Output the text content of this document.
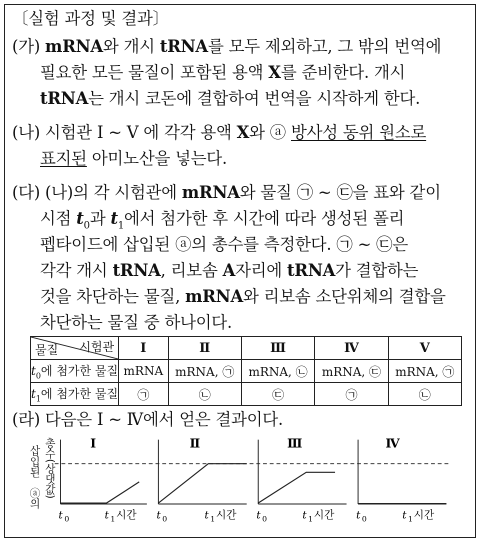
〔실험 과정 및 결과〕
(가) mRNA와 개시 tRNA를 모두 제외하고, 그 밖의 번역에
필요한 모든 물질이 포함된 용액 X를 준비한다. 개시
tRNA는 개시 코돈에 결합하여 번역을 시작하게 한다.
(나) 시험관 Ⅰ ~ Ⅴ 에 각각 용액 X와 ⓐ 방사성 동위 원소로
표지된 아미노산을 넣는다.
(다) (나)의 각 시험관에 mRNA와 물질 ㉠ ~ ㉢을 표와 같이
시점 $t_0$과 $t_1$에서 첨가한 후 시간에 따라 생성된 폴리
펩타이드에 삽입된 ⓐ의 총수를 측정한다. ㉠ ~ ㉢은
각각 개시 tRNA, 리보솜 A자리에 tRNA가 결합하는
것을 차단하는 물질, mRNA와 리보솜 소단위체의 결합을
차단하는 물질 중 하나이다.
시험관
물질	Ⅰ	Ⅱ	Ⅲ	Ⅳ	Ⅴ
$t_0$에 첨가한 물질	mRNA	mRNA, ㉠	mRNA, ㉡	mRNA, ㉢	mRNA, ㉠
$t_1$에 첨가한 물질	㉠	㉡	㉢	㉠	㉡
(라) 다음은 Ⅰ ~ Ⅳ에서 얻은 결과이다.
삽입된
ⓐ의 총수(상댓값)	Ⅰ
t 0	t 1 시간
Ⅱ
t 0	t 1 시간
Ⅲ
t 0	t 1 시간
Ⅳ
t 0	t 1 시간
